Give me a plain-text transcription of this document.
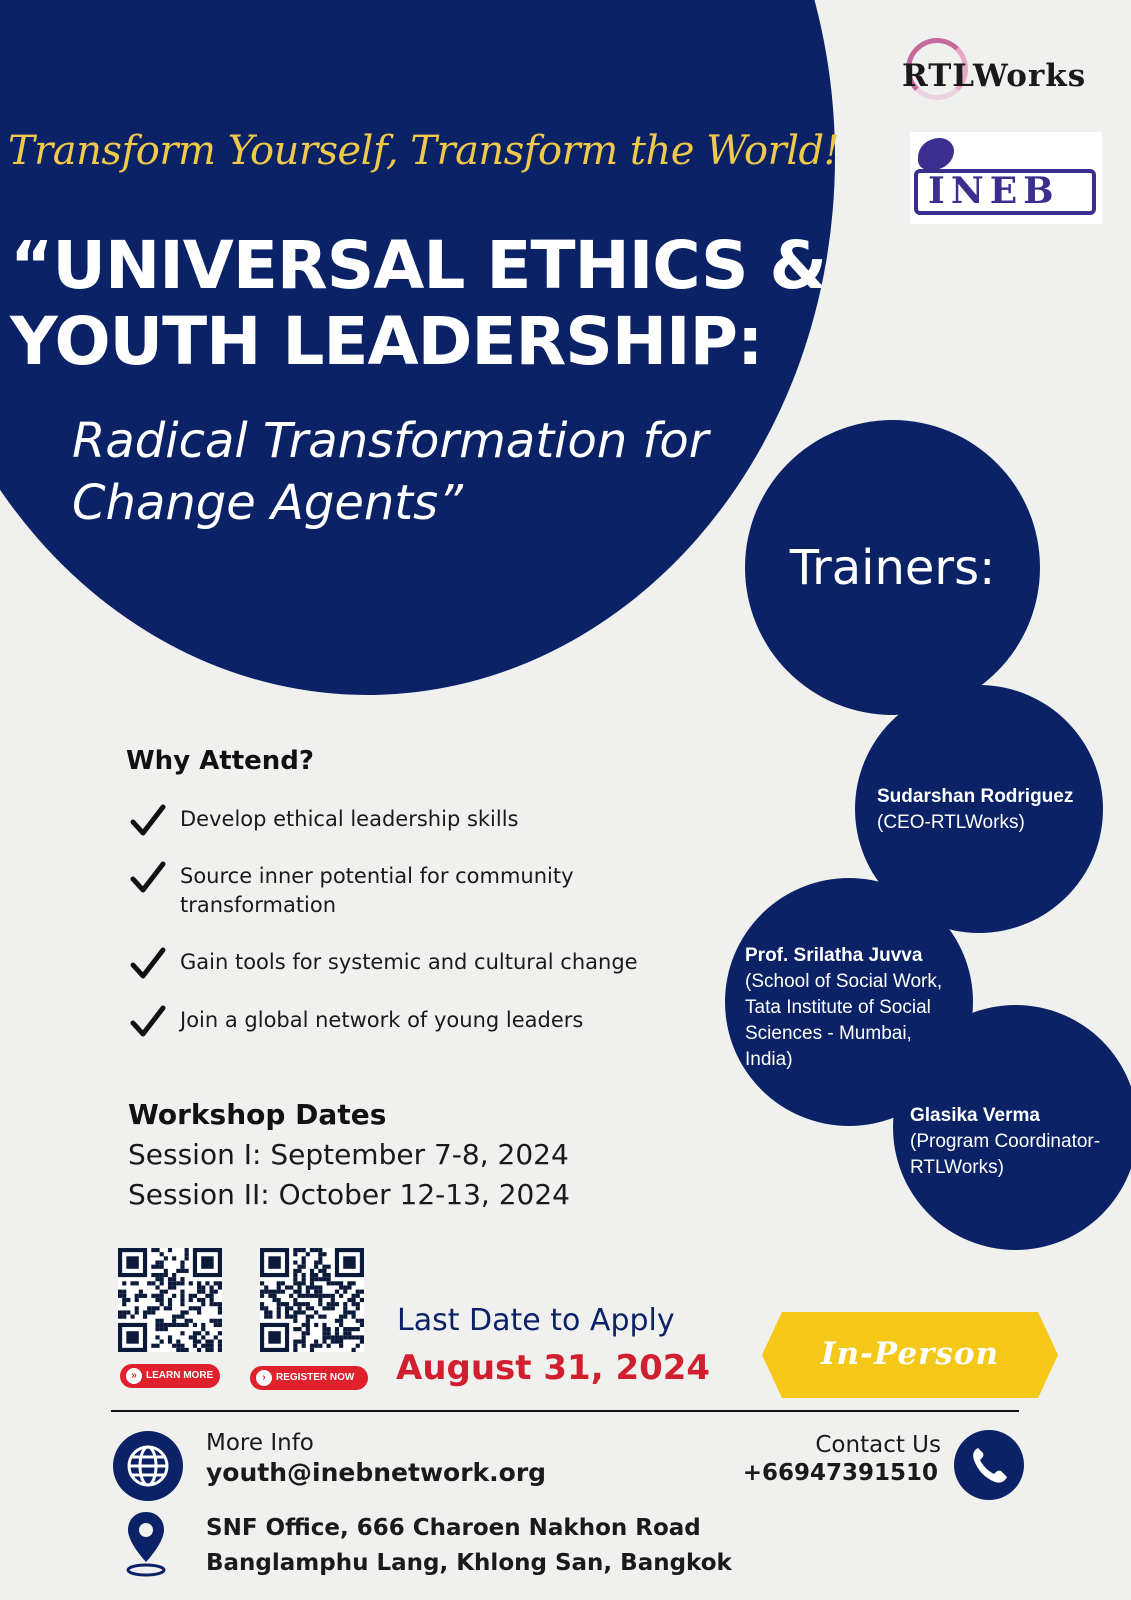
Transform Yourself, Transform the World!
“UNIVERSAL ETHICS &
YOUTH LEADERSHIP:
Radical Transformation for
Change Agents”
RTLWorks
INEB
Trainers:
Sudarshan Rodriguez
(CEO-RTLWorks)
Prof. Srilatha Juvva
(School of Social Work,
Tata Institute of Social
Sciences - Mumbai,
India)
Glasika Verma
(Program Coordinator-
RTLWorks)
Why Attend?
Develop ethical leadership skills
Source inner potential for community transformation
Gain tools for systemic and cultural change
Join a global network of young leaders
Workshop Dates
Session I: September 7-8, 2024
Session II: October 12-13, 2024
» LEARN MORE	› REGISTER NOW
Last Date to Apply
August 31, 2024	In-Person
More Info
youth@inebnetwork.org
Contact Us
+66947391510
SNF Office, 666 Charoen Nakhon Road
Banglamphu Lang, Khlong San, Bangkok
